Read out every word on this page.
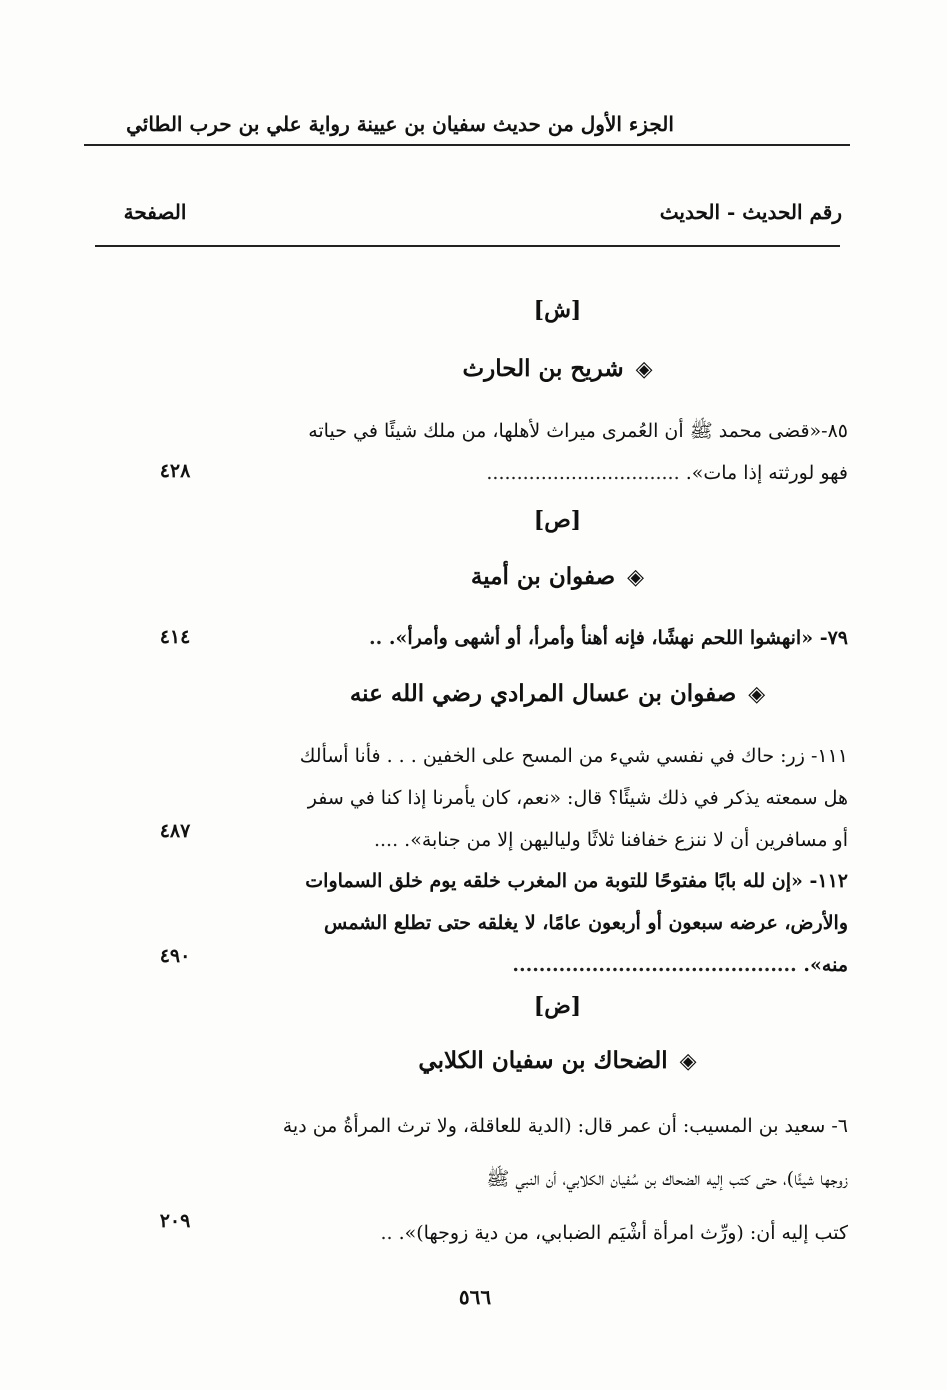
الجزء الأول من حديث سفيان بن عيينة رواية علي بن حرب الطائي
رقم الحديث - الحديث
الصفحة
[ش]
◈شريح بن الحارث
٨٥-«قضى محمد ﷺ أن العُمرى ميراث لأهلها، من ملك شيئًا في حياته
فهو لورثته إذا مات». ................................
٤٢٨
[ص]
◈صفوان بن أمية
٧٩- «انهشوا اللحم نهشًا، فإنه أهنأ وأمرأ، أو أشهى وأمرأ». ..
٤١٤
◈صفوان بن عسال المرادي رضي الله عنه
١١١- زر: حاك في نفسي شيء من المسح على الخفين . . . فأنا أسألك
هل سمعته يذكر في ذلك شيئًا؟ قال: «نعم، كان يأمرنا إذا كنا في سفر
أو مسافرين أن لا ننزع خفافنا ثلاثًا ولياليهن إلا من جنابة». ....
٤٨٧
١١٢- «إن لله بابًا مفتوحًا للتوبة من المغرب خلقه يوم خلق السماوات
والأرض، عرضه سبعون أو أربعون عامًا، لا يغلقه حتى تطلع الشمس
منه». ...........................................
٤٩٠
[ض]
◈الضحاك بن سفيان الكلابي
٦- سعيد بن المسيب: أن عمر قال: (الدية للعاقلة، ولا ترث المرأةُ من دية
زوجها شيئًا)، حتى كتب إليه الضحاك بن سُفيان الكلابي، أن النبي ﷺ
كتب إليه أن: (ورِّث امرأة أشْيَم الضبابي، من دية زوجها)». ..
٢٠٩
٥٦٦
